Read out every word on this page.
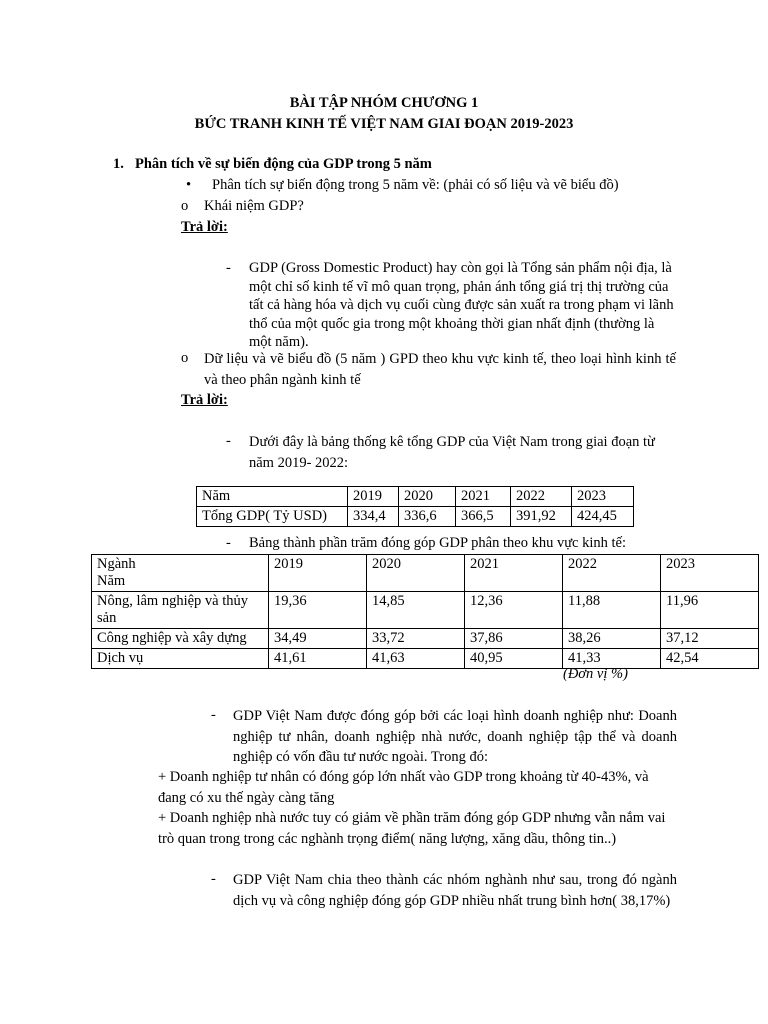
BÀI TẬP NHÓM CHƯƠNG 1
BỨC TRANH KINH TẾ VIỆT NAM GIAI ĐOẠN 2019-2023
1. Phân tích về sự biến động của GDP trong 5 năm
• Phân tích sự biến động trong 5 năm về: (phải có số liệu và vẽ biểu đồ)
o Khái niệm GDP?
Trả lời:
- GDP (Gross Domestic Product) hay còn gọi là Tổng sản phẩm nội địa, là một chỉ số kinh tế vĩ mô quan trọng, phản ánh tổng giá trị thị trường của tất cả hàng hóa và dịch vụ cuối cùng được sản xuất ra trong phạm vi lãnh thổ của một quốc gia trong một khoảng thời gian nhất định (thường là một năm).
o Dữ liệu và vẽ biểu đồ (5 năm ) GPD theo khu vực kinh tế, theo loại hình kinh tế và theo phân ngành kinh tế
Trả lời:
- Dưới đây là bảng thống kê tổng GDP của Việt Nam trong giai đoạn từ năm 2019- 2022:
Năm	2019	2020	2021	2022	2023
Tổng GDP( Tỷ USD)	334,4	336,6	366,5	391,92	424,45
- Bảng thành phần trăm đóng góp GDP phân theo khu vực kinh tế:
Ngành
Năm	2019	2020	2021	2022	2023
Nông, lâm nghiệp và thủy sản	19,36	14,85	12,36	11,88	11,96
Công nghiệp và xây dựng	34,49	33,72	37,86	38,26	37,12
Dịch vụ	41,61	41,63	40,95	41,33	42,54
(Đơn vị %)
- GDP Việt Nam được đóng góp bởi các loại hình doanh nghiệp như: Doanh nghiệp tư nhân, doanh nghiệp nhà nước, doanh nghiệp tập thể và doanh nghiệp có vốn đầu tư nước ngoài. Trong đó:
+ Doanh nghiệp tư nhân có đóng góp lớn nhất vào GDP trong khoảng từ 40-43%, và đang có xu thế ngày càng tăng
+ Doanh nghiệp nhà nước tuy có giảm về phần trăm đóng góp GDP nhưng vẫn nắm vai trò quan trong trong các nghành trọng điểm( năng lượng, xăng dầu, thông tin..)
- GDP Việt Nam chia theo thành các nhóm nghành như sau, trong đó ngành dịch vụ và công nghiệp đóng góp GDP nhiều nhất trung bình hơn( 38,17%)
